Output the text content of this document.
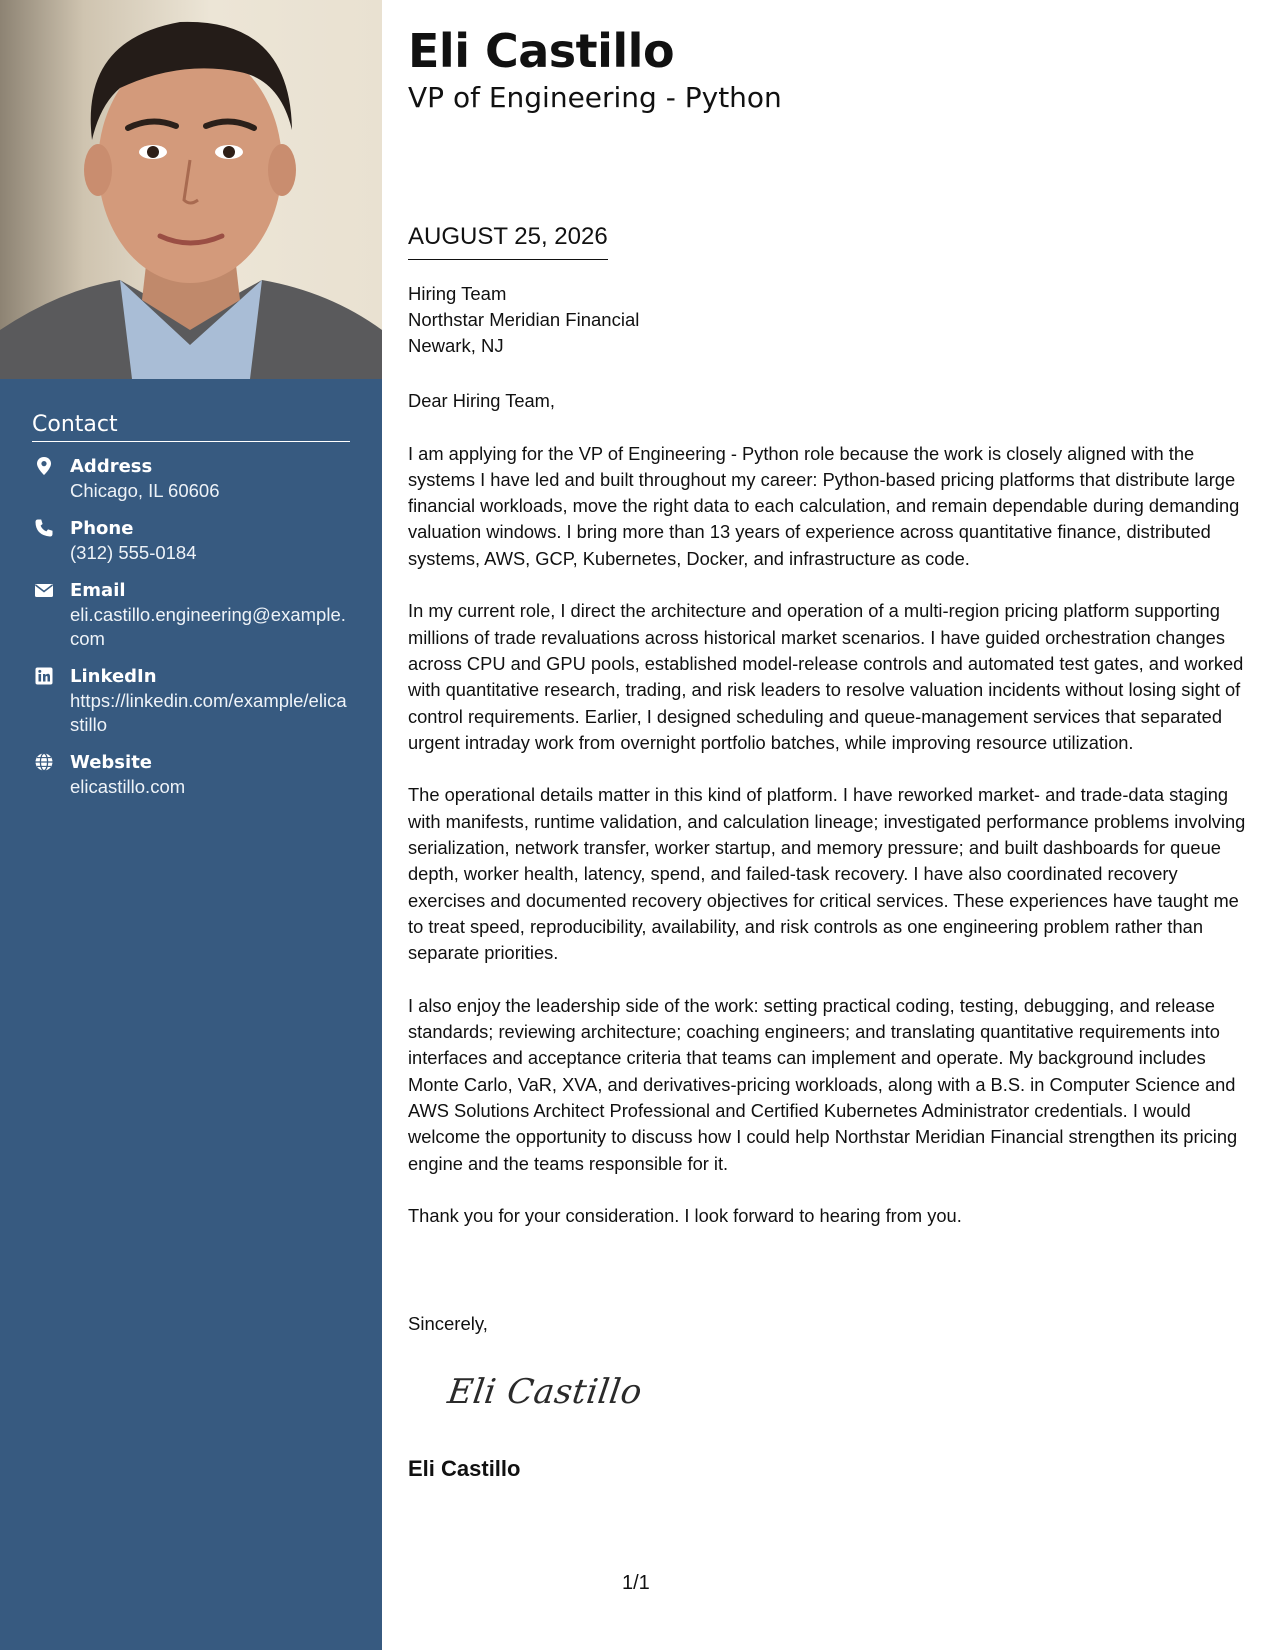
Contact
Address
Chicago, IL 60606
Phone
(312) 555-0184
Email
eli.castillo.engineering@example.com
LinkedIn
https://linkedin.com/example/elicastillo
Website
elicastillo.com
Eli Castillo
VP of Engineering - Python
AUGUST 25, 2026
Hiring Team
Northstar Meridian Financial
Newark, NJ

Dear Hiring Team,

I am applying for the VP of Engineering - Python role because the work is closely aligned with the systems I have led and built throughout my career: Python-based pricing platforms that distribute large financial workloads, move the right data to each calculation, and remain dependable during demanding valuation windows. I bring more than 13 years of experience across quantitative finance, distributed systems, AWS, GCP, Kubernetes, Docker, and infrastructure as code.

In my current role, I direct the architecture and operation of a multi-region pricing platform supporting millions of trade revaluations across historical market scenarios. I have guided orchestration changes across CPU and GPU pools, established model-release controls and automated test gates, and worked with quantitative research, trading, and risk leaders to resolve valuation incidents without losing sight of control requirements. Earlier, I designed scheduling and queue-management services that separated urgent intraday work from overnight portfolio batches, while improving resource utilization.

The operational details matter in this kind of platform. I have reworked market- and trade-data staging with manifests, runtime validation, and calculation lineage; investigated performance problems involving serialization, network transfer, worker startup, and memory pressure; and built dashboards for queue depth, worker health, latency, spend, and failed-task recovery. I have also coordinated recovery exercises and documented recovery objectives for critical services. These experiences have taught me to treat speed, reproducibility, availability, and risk controls as one engineering problem rather than separate priorities.

I also enjoy the leadership side of the work: setting practical coding, testing, debugging, and release standards; reviewing architecture; coaching engineers; and translating quantitative requirements into interfaces and acceptance criteria that teams can implement and operate. My background includes Monte Carlo, VaR, XVA, and derivatives-pricing workloads, along with a B.S. in Computer Science and AWS Solutions Architect Professional and Certified Kubernetes Administrator credentials. I would welcome the opportunity to discuss how I could help Northstar Meridian Financial strengthen its pricing engine and the teams responsible for it.

Thank you for your consideration. I look forward to hearing from you.

Sincerely,
Eli Castillo
Eli Castillo
1/1
